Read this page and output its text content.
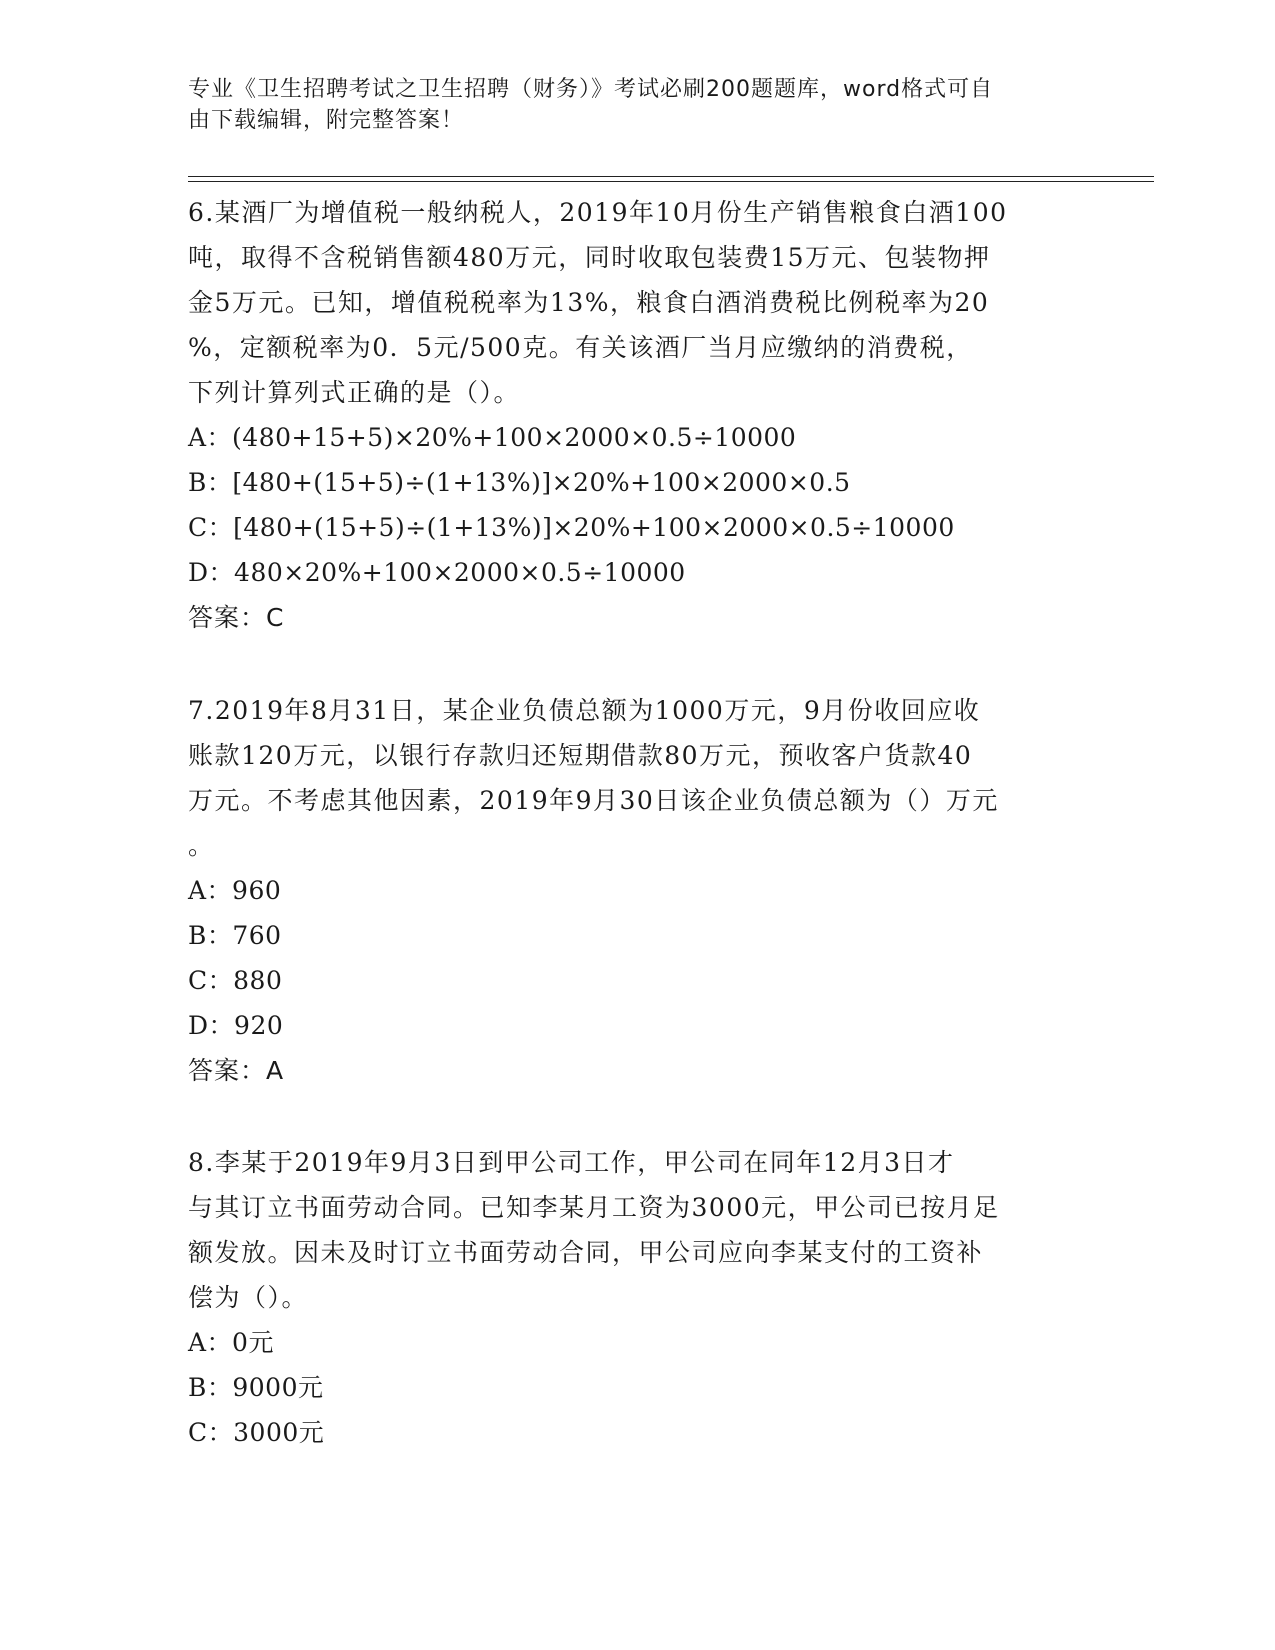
专业《卫生招聘考试之卫生招聘（财务）》考试必刷200题题库，word格式可自
由下载编辑，附完整答案！

6.某酒厂为增值税一般纳税人，2019年10月份生产销售粮食白酒100

吨，取得不含税销售额480万元，同时收取包装费15万元、包装物押

金5万元。已知，增值税税率为13%，粮食白酒消费税比例税率为20

%，定额税率为0．5元/500克。有关该酒厂当月应缴纳的消费税，

下列计算列式正确的是（）。

A：(480+15+5)×20%+100×2000×0.5÷10000

B：[480+(15+5)÷(1+13%)]×20%+100×2000×0.5

C：[480+(15+5)÷(1+13%)]×20%+100×2000×0.5÷10000

D：480×20%+100×2000×0.5÷10000

答案：C

7.2019年8月31日，某企业负债总额为1000万元，9月份收回应收

账款120万元，以银行存款归还短期借款80万元，预收客户货款40

万元。不考虑其他因素，2019年9月30日该企业负债总额为（）万元

。

A：960

B：760

C：880

D：920

答案：A

8.李某于2019年9月3日到甲公司工作，甲公司在同年12月3日才

与其订立书面劳动合同。已知李某月工资为3000元，甲公司已按月足

额发放。因未及时订立书面劳动合同，甲公司应向李某支付的工资补

偿为（）。

A：0元

B：9000元

C：3000元
